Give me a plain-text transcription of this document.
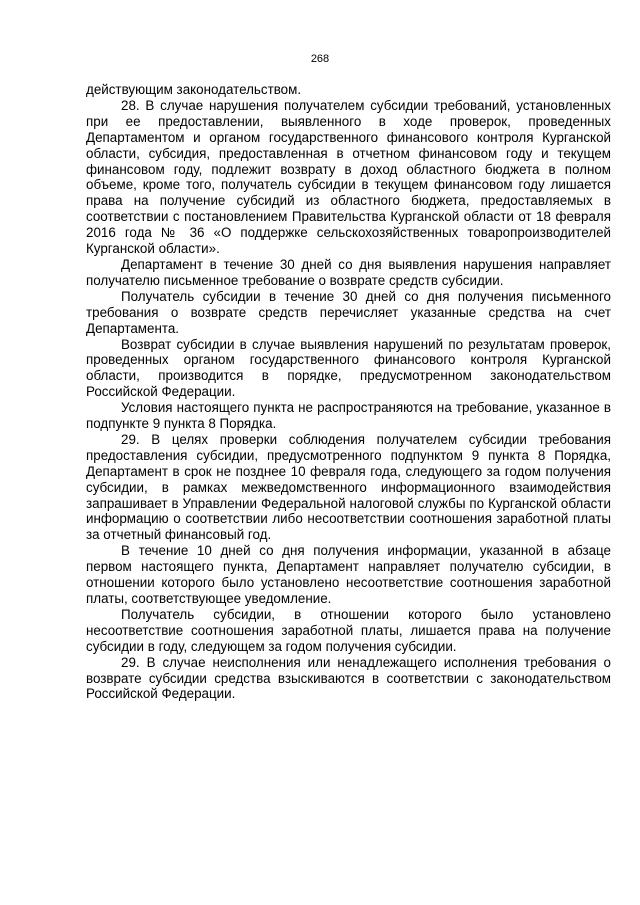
268

действующим законодательством.

28. В случае нарушения получателем субсидии требований, установленных при ее предоставлении, выявленного в ходе проверок, проведенных Департаментом и органом государственного финансового контроля Курганской области, субсидия, предоставленная в отчетном финансовом году и текущем финансовом году, подлежит возврату в доход областного бюджета в полном объеме, кроме того, получатель субсидии в текущем финансовом году лишается права на получение субсидий из областного бюджета, предоставляемых в соответствии с постановлением Правительства Курганской области от 18 февраля 2016 года № 36 «О поддержке сельскохозяйственных товаропроизводителей Курганской области».

Департамент в течение 30 дней со дня выявления нарушения направляет получателю письменное требование о возврате средств субсидии.

Получатель субсидии в течение 30 дней со дня получения письменного требования о возврате средств перечисляет указанные средства на счет Департамента.

Возврат субсидии в случае выявления нарушений по результатам проверок, проведенных органом государственного финансового контроля Курганской области, производится в порядке, предусмотренном законодательством Российской Федерации.

Условия настоящего пункта не распространяются на требование, указанное в подпункте 9 пункта 8 Порядка.

29. В целях проверки соблюдения получателем субсидии требования предоставления субсидии, предусмотренного подпунктом 9 пункта 8 Порядка, Департамент в срок не позднее 10 февраля года, следующего за годом получения субсидии, в рамках межведомственного информационного взаимодействия запрашивает в Управлении Федеральной налоговой службы по Курганской области информацию о соответствии либо несоответствии соотношения заработной платы за отчетный финансовый год.

В течение 10 дней со дня получения информации, указанной в абзаце первом настоящего пункта, Департамент направляет получателю субсидии, в отношении которого было установлено несоответствие соотношения заработной платы, соответствующее уведомление.

Получатель субсидии, в отношении которого было установлено несоответствие соотношения заработной платы, лишается права на получение субсидии в году, следующем за годом получения субсидии.

29. В случае неисполнения или ненадлежащего исполнения требования о возврате субсидии средства взыскиваются в соответствии с законодательством Российской Федерации.
